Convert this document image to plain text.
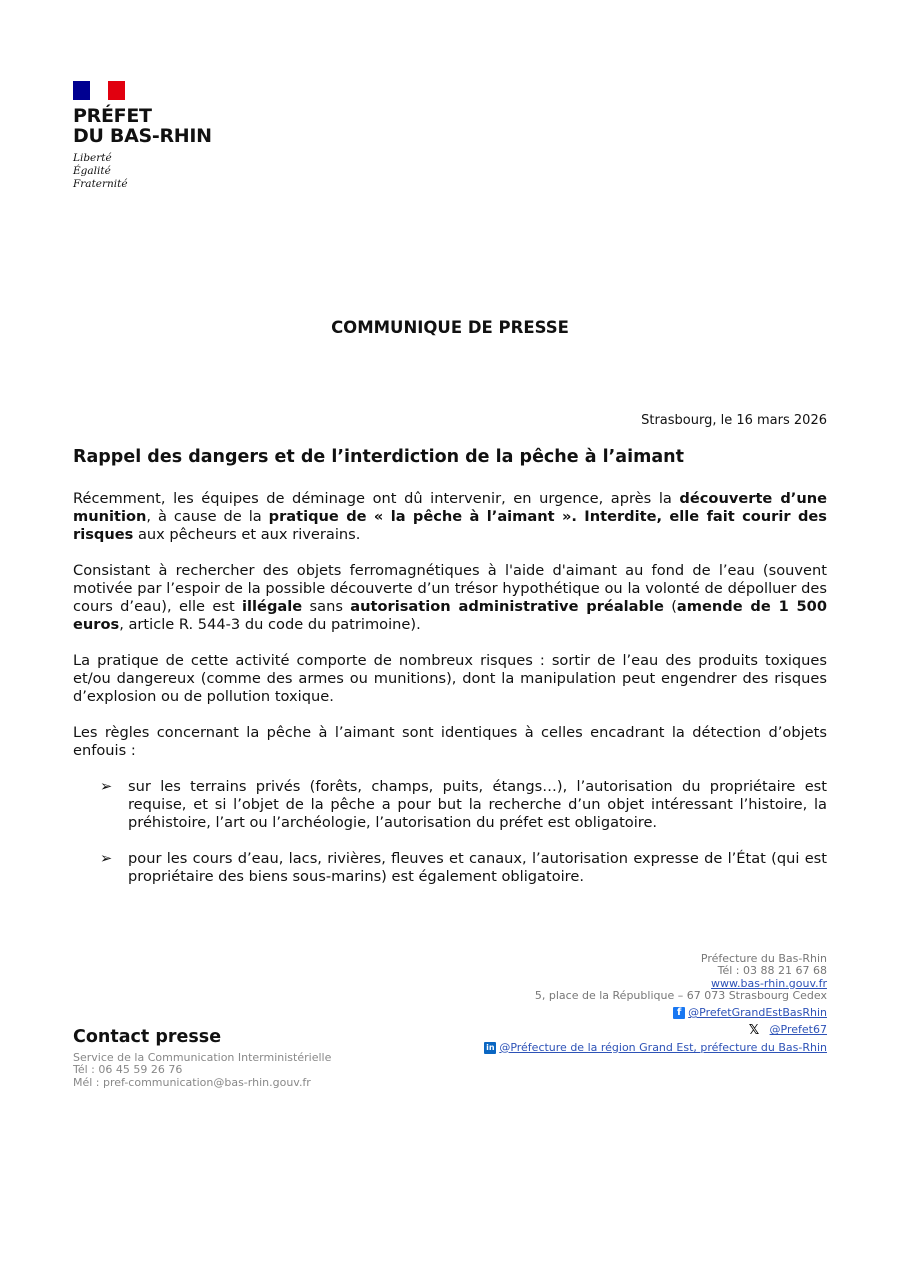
PRÉFET
DU BAS-RHIN
Liberté
Égalité
Fraternité
COMMUNIQUE DE PRESSE
Strasbourg, le 16 mars 2026
Rappel des dangers et de l’interdiction de la pêche à l’aimant

Récemment, les équipes de déminage ont dû intervenir, en urgence, après la découverte d’une munition, à cause de la pratique de « la pêche à l’aimant ». Interdite, elle fait courir des risques aux pêcheurs et aux riverains.

Consistant à rechercher des objets ferromagnétiques à l'aide d'aimant au fond de l’eau (souvent motivée par l’espoir de la possible découverte d’un trésor hypothétique ou la volonté de dépolluer des cours d’eau), elle est illégale sans autorisation administrative préalable (amende de 1 500 euros, article R. 544-3 du code du patrimoine).

La pratique de cette activité comporte de nombreux risques : sortir de l’eau des produits toxiques et/ou dangereux (comme des armes ou munitions), dont la manipulation peut engendrer des risques d’explosion ou de pollution toxique.

Les règles concernant la pêche à l’aimant sont identiques à celles encadrant la détection d’objets enfouis :

➢ sur les terrains privés (forêts, champs, puits, étangs…), l’autorisation du propriétaire est requise, et si l’objet de la pêche a pour but la recherche d’un objet intéressant l’histoire, la préhistoire, l’art ou l’archéologie, l’autorisation du préfet est obligatoire.
➢ pour les cours d’eau, lacs, rivières, fleuves et canaux, l’autorisation expresse de l’État (qui est propriétaire des biens sous-marins) est également obligatoire.
Préfecture du Bas-Rhin
Tél : 03 88 21 67 68
www.bas-rhin.gouv.fr
5, place de la République – 67 073 Strasbourg Cedex
f @PrefetGrandEstBasRhin
𝕏
@Prefet67
in @Préfecture de la région Grand Est, préfecture du Bas-Rhin
Contact presse
Service de la Communication Interministérielle
Tél : 06 45 59 26 76
Mél : pref-communication@bas-rhin.gouv.fr
